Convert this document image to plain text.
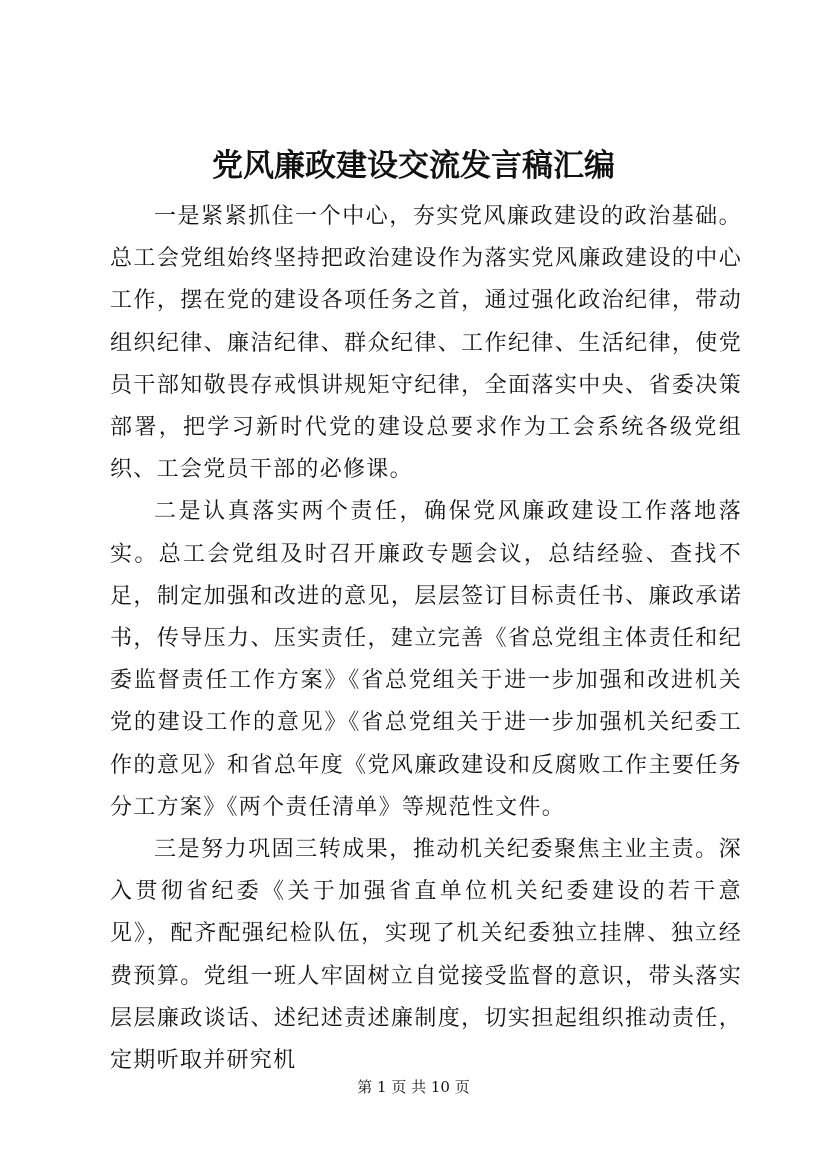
党风廉政建设交流发言稿汇编

一是紧紧抓住一个中心，夯实党风廉政建设的政治基础。总工会党组始终坚持把政治建设作为落实党风廉政建设的中心工作，摆在党的建设各项任务之首，通过强化政治纪律，带动组织纪律、廉洁纪律、群众纪律、工作纪律、生活纪律，使党员干部知敬畏存戒惧讲规矩守纪律，全面落实中央、省委决策部署，把学习新时代党的建设总要求作为工会系统各级党组织、工会党员干部的必修课。

二是认真落实两个责任，确保党风廉政建设工作落地落实。总工会党组及时召开廉政专题会议，总结经验、查找不足，制定加强和改进的意见，层层签订目标责任书、廉政承诺书，传导压力、压实责任，建立完善《省总党组主体责任和纪委监督责任工作方案》《省总党组关于进一步加强和改进机关党的建设工作的意见》《省总党组关于进一步加强机关纪委工作的意见》和省总年度《党风廉政建设和反腐败工作主要任务分工方案》《两个责任清单》等规范性文件。

三是努力巩固三转成果，推动机关纪委聚焦主业主责。深入贯彻省纪委《关于加强省直单位机关纪委建设的若干意见》，配齐配强纪检队伍，实现了机关纪委独立挂牌、独立经费预算。党组一班人牢固树立自觉接受监督的意识，带头落实层层廉政谈话、述纪述责述廉制度，切实担起组织推动责任，定期听取并研究机

第 1 页 共 10 页
